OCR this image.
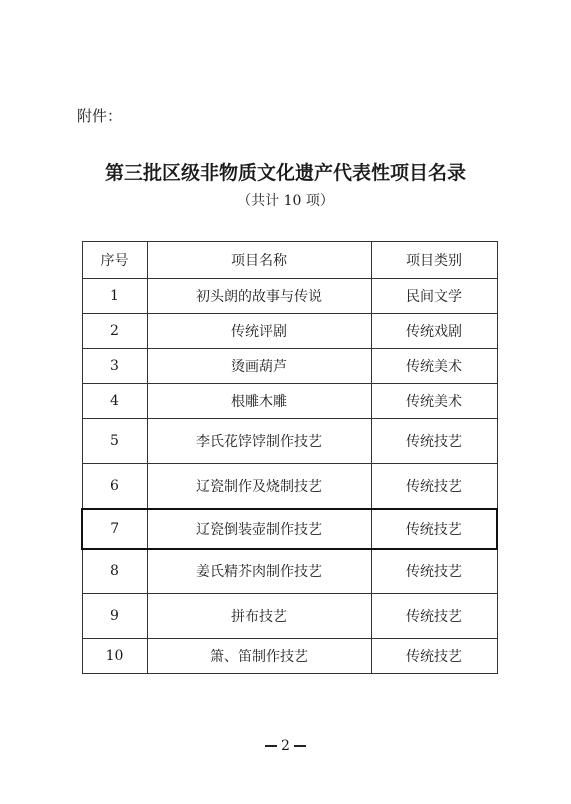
附件：
第三批区级非物质文化遗产代表性项目名录
（共计 10 项）
序号	项目名称	项目类别
1	初头朗的故事与传说	民间文学
2	传统评剧	传统戏剧
3	烫画葫芦	传统美术
4	根雕木雕	传统美术
5	李氏花饽饽制作技艺	传统技艺
6	辽瓷制作及烧制技艺	传统技艺
7	辽瓷倒装壶制作技艺	传统技艺
8	姜氏精芥肉制作技艺	传统技艺
9	拼布技艺	传统技艺
10	箫、笛制作技艺	传统技艺
2
